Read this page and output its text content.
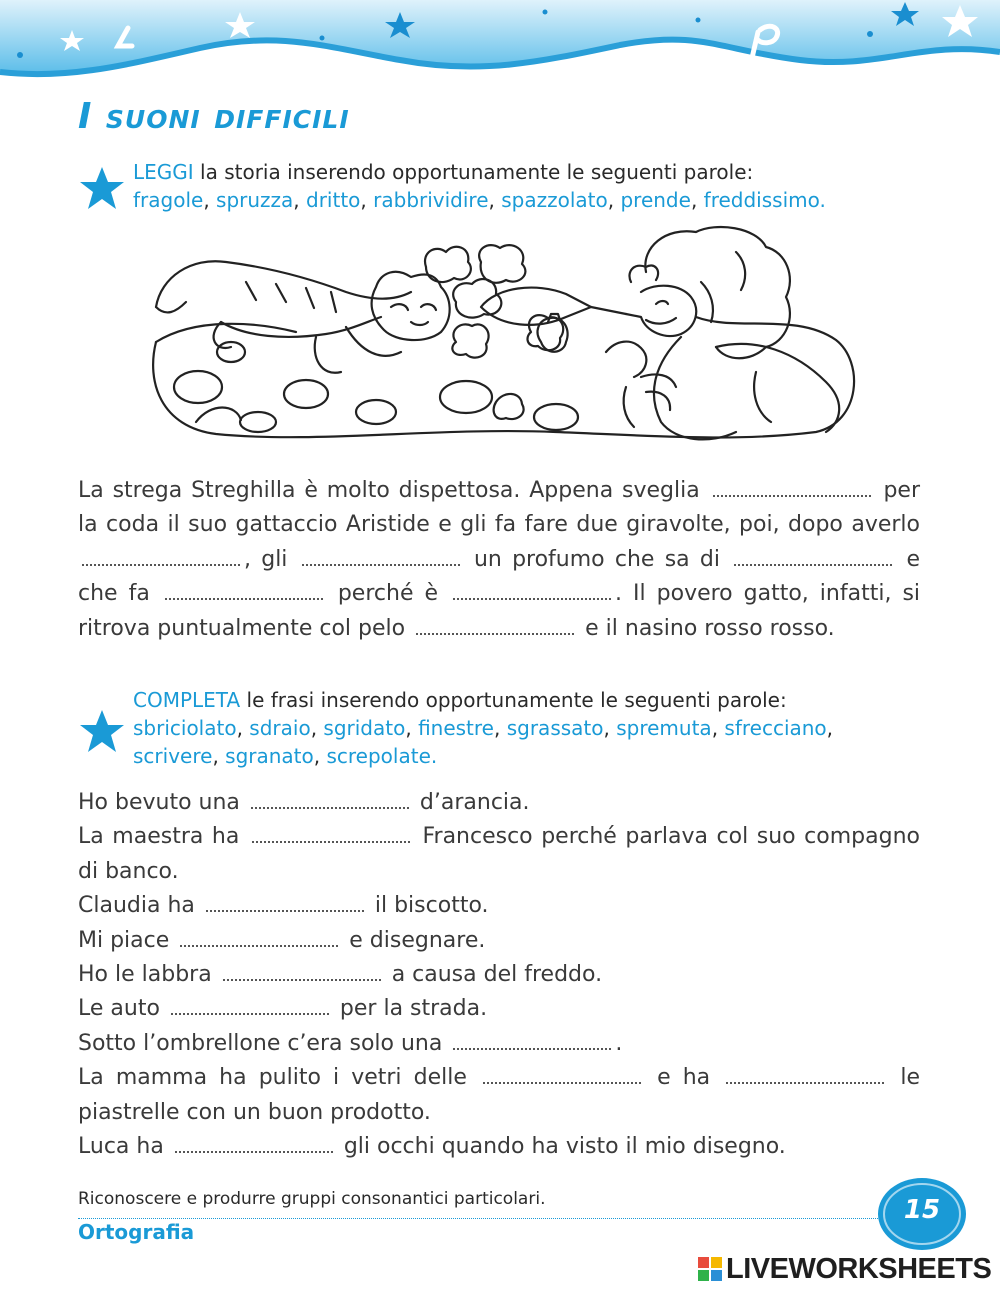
I suoni difficili
LEGGI la storia inserendo opportunamente le seguenti parole:
fragole, spruzza, dritto, rabbrividire, spazzolato, prende, freddissimo.
La strega Streghilla è molto dispettosa. Appena sveglia	per la coda il suo gattaccio Aristide e gli fa fare due giravolte, poi, dopo averlo , gli	un profumo che sa di	e che fa	perché è	. Il povero gatto, infatti, si ritrova puntualmente col pelo	e il nasino rosso rosso.
COMPLETA le frasi inserendo opportunamente le seguenti parole:
sbriciolato, sdraio, sgridato, finestre, sgrassato, spremuta, sfrecciano,
scrivere, sgranato, screpolate.

Ho bevuto una	d’arancia.

La maestra ha	Francesco perché parlava col suo compagno di banco.

Claudia ha	il biscotto.

Mi piace	e disegnare.

Ho le labbra	a causa del freddo.

Le auto	per la strada.

Sotto l’ombrellone c’era solo una	.

La mamma ha pulito i vetri delle	e ha	le piastrelle con un buon prodotto.

Luca ha	gli occhi quando ha visto il mio disegno.

Riconoscere e produrre gruppi consonantici particolari.
Ortografia
15
LIVEWORKSHEETS
